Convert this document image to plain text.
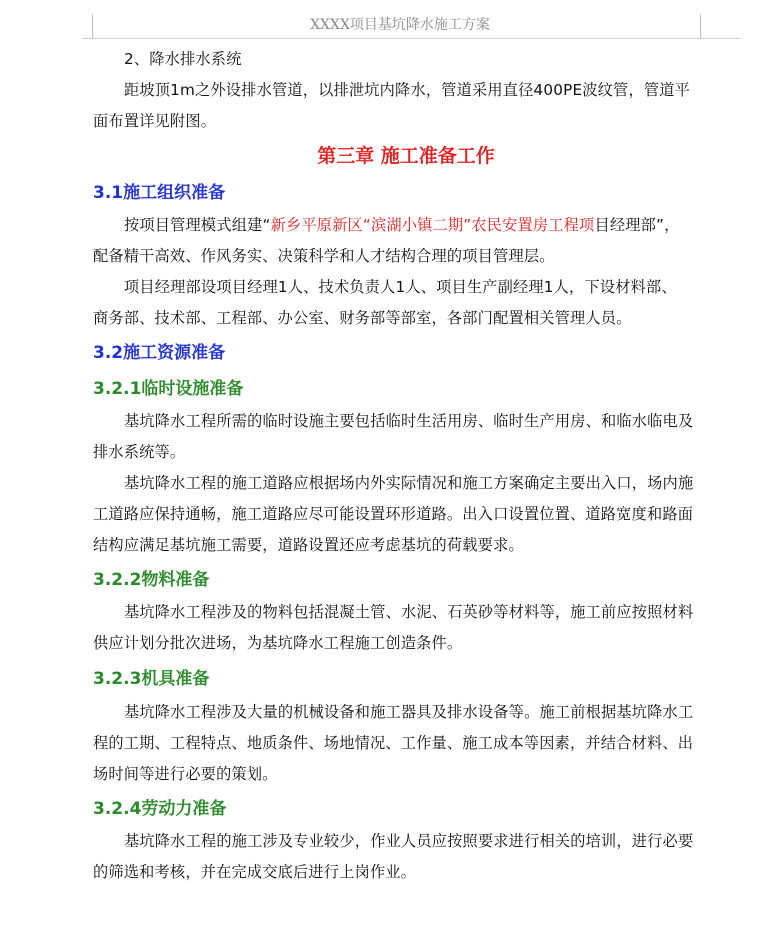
XXXX项目基坑降水施工方案
2、降水排水系统
距坡顶1m之外设排水管道，以排泄坑内降水，管道采用直径400PE波纹管，管道平
面布置详见附图。
第三章 施工准备工作
3.1施工组织准备
按项目管理模式组建“新乡平原新区“滨湖小镇二期”农民安置房工程项目经理部”，
配备精干高效、作风务实、决策科学和人才结构合理的项目管理层。
项目经理部设项目经理1人、技术负责人1人、项目生产副经理1人，下设材料部、
商务部、技术部、工程部、办公室、财务部等部室，各部门配置相关管理人员。
3.2施工资源准备
3.2.1临时设施准备
基坑降水工程所需的临时设施主要包括临时生活用房、临时生产用房、和临水临电及
排水系统等。
基坑降水工程的施工道路应根据场内外实际情况和施工方案确定主要出入口，场内施
工道路应保持通畅，施工道路应尽可能设置环形道路。出入口设置位置、道路宽度和路面
结构应满足基坑施工需要，道路设置还应考虑基坑的荷载要求。
3.2.2物料准备
基坑降水工程涉及的物料包括混凝土管、水泥、石英砂等材料等，施工前应按照材料
供应计划分批次进场，为基坑降水工程施工创造条件。
3.2.3机具准备
基坑降水工程涉及大量的机械设备和施工器具及排水设备等。施工前根据基坑降水工
程的工期、工程特点、地质条件、场地情况、工作量、施工成本等因素，并结合材料、出
场时间等进行必要的策划。
3.2.4劳动力准备
基坑降水工程的施工涉及专业较少，作业人员应按照要求进行相关的培训，进行必要
的筛选和考核，并在完成交底后进行上岗作业。
